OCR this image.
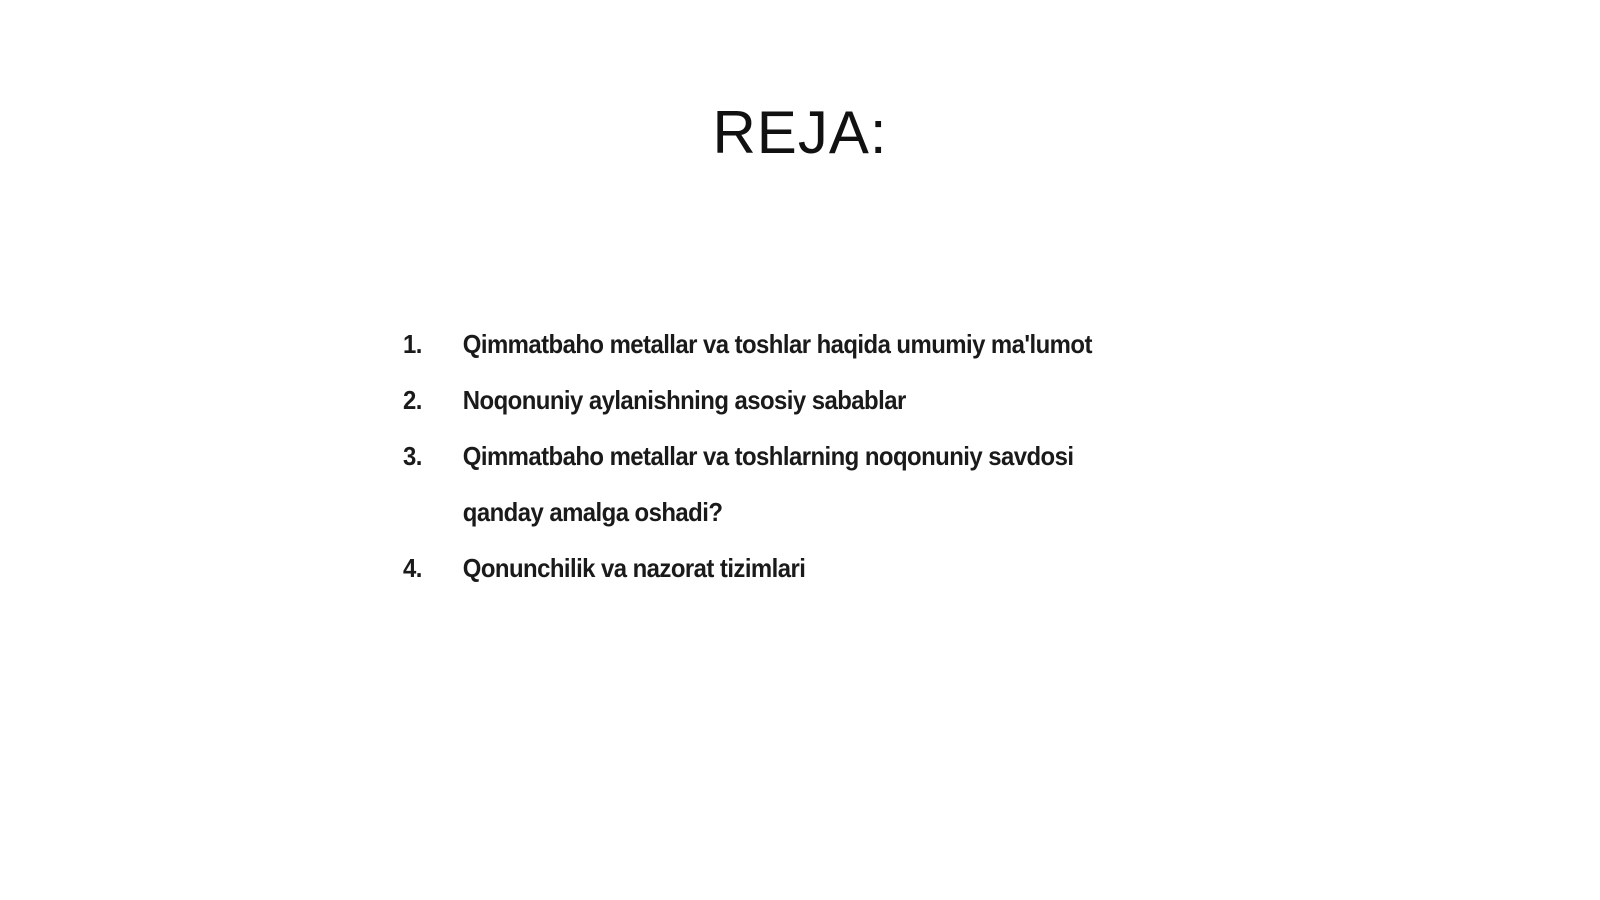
REJA:
1.	Qimmatbaho metallar va toshlar haqida umumiy ma'lumot
2.	Noqonuniy aylanishning asosiy sabablar
3.	Qimmatbaho metallar va toshlarning noqonuniy savdosi
qanday amalga oshadi?
4.	Qonunchilik va nazorat tizimlari
